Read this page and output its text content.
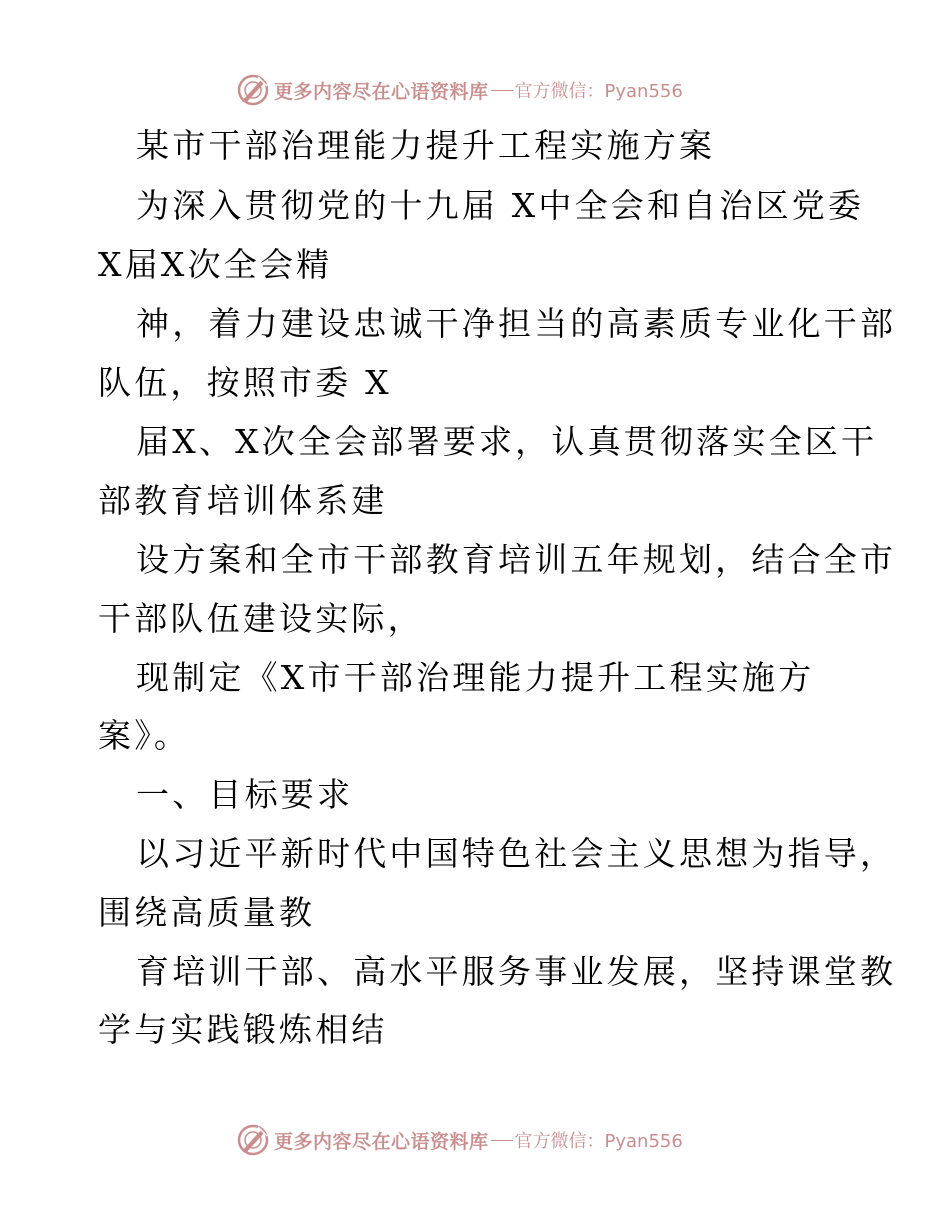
更多内容尽在心语资料库 官方微信：Pyan556
某市干部治理能力提升工程实施方案
为深入贯彻党的十九届 X中全会和自治区党委
X届X次全会精
神，着力建设忠诚干净担当的高素质专业化干部
队伍，按照市委 X
届X、X次全会部署要求，认真贯彻落实全区干
部教育培训体系建
设方案和全市干部教育培训五年规划，结合全市
干部队伍建设实际，
现制定《X市干部治理能力提升工程实施方
案》。
一、目标要求
以习近平新时代中国特色社会主义思想为指导，
围绕高质量教
育培训干部、高水平服务事业发展，坚持课堂教
学与实践锻炼相结
更多内容尽在心语资料库 官方微信：Pyan556
